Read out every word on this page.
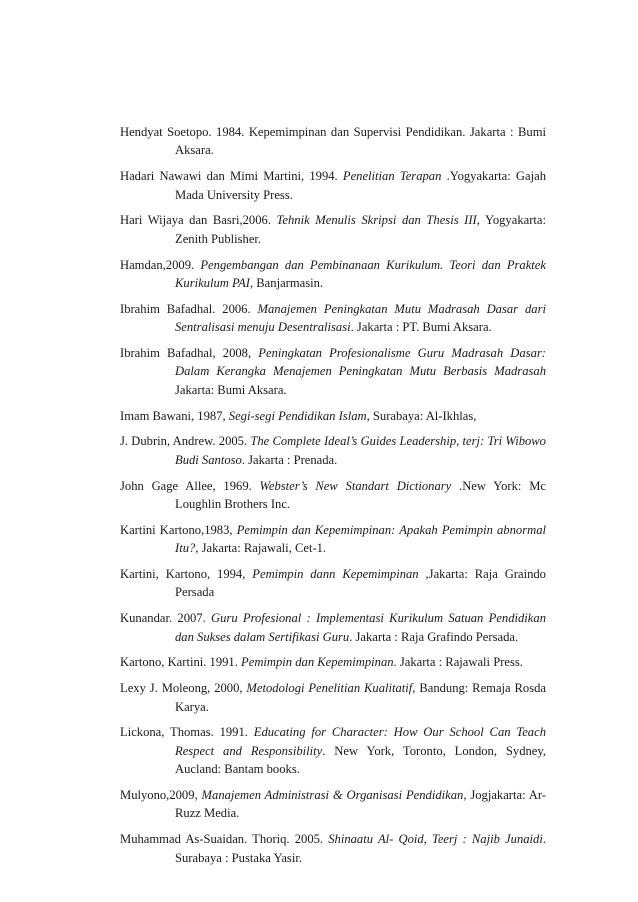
Hendyat Soetopo. 1984. Kepemimpinan dan Supervisi Pendidikan. Jakarta : Bumi Aksara.

Hadari Nawawi dan Mimi Martini, 1994. Penelitian Terapan .Yogyakarta: Gajah Mada University Press.

Hari Wijaya dan Basri,2006. Tehnik Menulis Skripsi dan Thesis III, Yogyakarta: Zenith Publisher.

Hamdan,2009. Pengembangan dan Pembinanaan Kurikulum. Teori dan Praktek Kurikulum PAI, Banjarmasin.

Ibrahim Bafadhal. 2006. Manajemen Peningkatan Mutu Madrasah Dasar dari Sentralisasi menuju Desentralisasi. Jakarta : PT. Bumi Aksara.

Ibrahim Bafadhal, 2008, Peningkatan Profesionalisme Guru Madrasah Dasar: Dalam Kerangka Menajemen Peningkatan Mutu Berbasis Madrasah Jakarta: Bumi Aksara.

Imam Bawani, 1987, Segi-segi Pendidikan Islam, Surabaya: Al-Ikhlas,

J. Dubrin, Andrew. 2005. The Complete Ideal’s Guides Leadership, terj: Tri Wibowo Budi Santoso. Jakarta : Prenada.

John Gage Allee, 1969. Webster’s New Standart Dictionary .New York: Mc Loughlin Brothers Inc.

Kartini Kartono,1983, Pemimpin dan Kepemimpinan: Apakah Pemimpin abnormal Itu?, Jakarta: Rajawali, Cet-1.

Kartini, Kartono, 1994, Pemimpin dann Kepemimpinan ,Jakarta: Raja Graindo Persada

Kunandar. 2007. Guru Profesional : Implementasi Kurikulum Satuan Pendidikan dan Sukses dalam Sertifikasi Guru. Jakarta : Raja Grafindo Persada.

Kartono, Kartini. 1991. Pemimpin dan Kepemimpinan. Jakarta : Rajawali Press.

Lexy J. Moleong, 2000, Metodologi Penelitian Kualitatif, Bandung: Remaja Rosda Karya.

Lickona, Thomas. 1991. Educating for Character: How Our School Can Teach Respect and Responsibility. New York, Toronto, London, Sydney, Aucland: Bantam books.

Mulyono,2009, Manajemen Administrasi & Organisasi Pendidikan, Jogjakarta: Ar-Ruzz Media.

Muhammad As-Suaidan. Thoriq. 2005. Shinaatu Al- Qoid, Teerj : Najib Junaidi. Surabaya : Pustaka Yasir.
